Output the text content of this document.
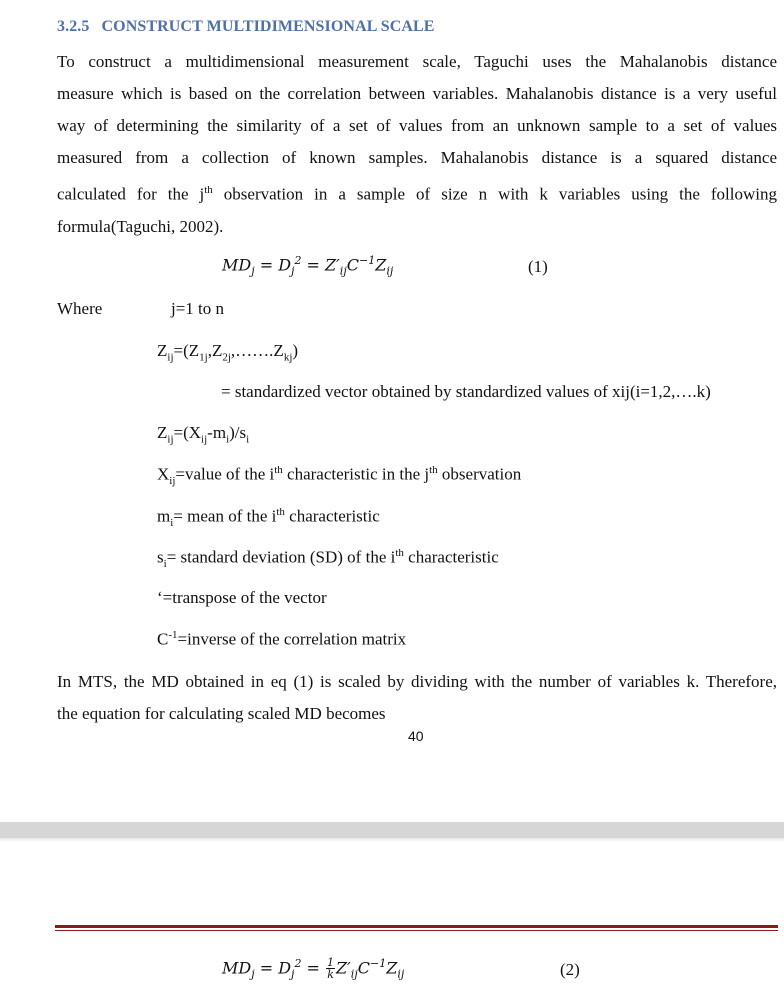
3.2.5 CONSTRUCT MULTIDIMENSIONAL SCALE
To construct a multidimensional measurement scale, Taguchi uses the Mahalanobis distance
measure which is based on the correlation between variables. Mahalanobis distance is a very useful
way of determining the similarity of a set of values from an unknown sample to a set of values
measured from a collection of known samples. Mahalanobis distance is a squared distance
calculated for the $j^{th}$ observation in a sample of size n with k variables using the following
formula(Taguchi, 2002).
$MD_j = D_j^2 = Z'_{ij}C^{-1}Z_{ij}$	(1)
Where	j=1 to n
$Z_{ij}=(Z_{1j},Z_{2j},\dots\dots.Z_{kj})$
= standardized vector obtained by standardized values of xij(i=1,2,….k)
$Z_{ij}=(X_{ij}-m_i)/s_i$
$X_{ij}=value$ of the $i^{th}$ characteristic in the $j^{th}$ observation
$m_i=$ mean of the $i^{th}$ characteristic
$s_i=$ standard deviation (SD) of the $i^{th}$ characteristic
‘=transpose of the vector
$C^{-1}=inverse$ of the correlation matrix
In MTS, the MD obtained in eq (1) is scaled by dividing with the number of variables k. Therefore,
the equation for calculating scaled MD becomes
40
$MD_j = D_j^2 = \frac{1}{k} Z'_{ij}C^{-1}Z_{ij}$	(2)
